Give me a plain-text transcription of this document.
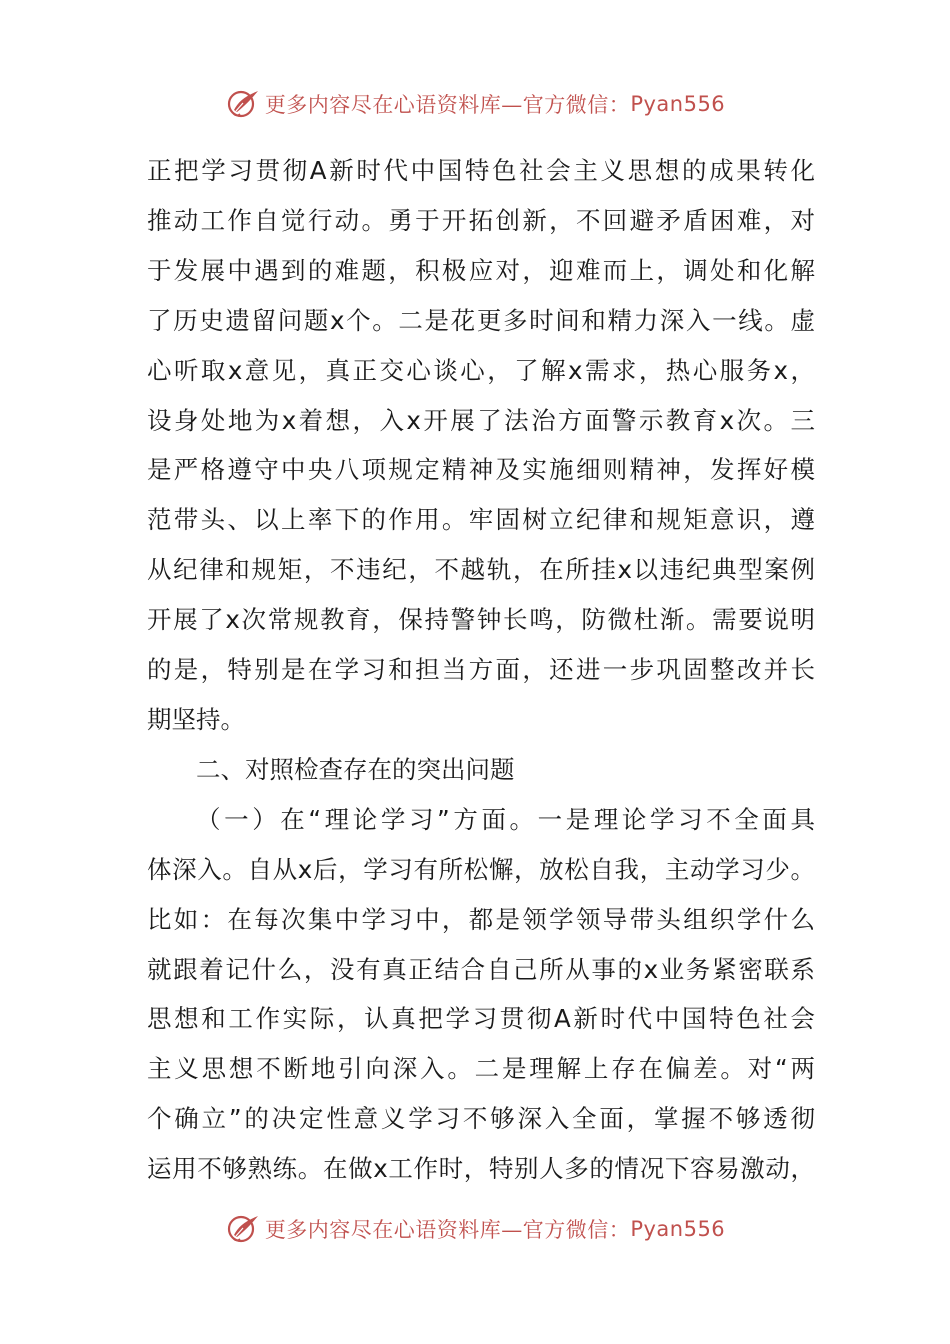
更多内容尽在心语资料库—官方微信： Pyan556
正把学习贯彻A新时代中国特色社会主义思想的成果转化
推动工作自觉行动。勇于开拓创新，不回避矛盾困难，对
于发展中遇到的难题，积极应对，迎难而上，调处和化解
了历史遗留问题x个。二是花更多时间和精力深入一线。虚
心听取x意见，真正交心谈心，了解x需求，热心服务x，
设身处地为x着想，入x开展了法治方面警示教育x次。三
是严格遵守中央八项规定精神及实施细则精神，发挥好模
范带头、以上率下的作用。牢固树立纪律和规矩意识，遵
从纪律和规矩，不违纪，不越轨，在所挂x以违纪典型案例
开展了x次常规教育，保持警钟长鸣，防微杜渐。需要说明
的是，特别是在学习和担当方面，还进一步巩固整改并长
期坚持。
二、对照检查存在的突出问题
（一）在“理论学习”方面。一是理论学习不全面具
体深入。自从x后，学习有所松懈，放松自我，主动学习少。
比如：在每次集中学习中，都是领学领导带头组织学什么
就跟着记什么，没有真正结合自己所从事的x业务紧密联系
思想和工作实际，认真把学习贯彻A新时代中国特色社会
主义思想不断地引向深入。二是理解上存在偏差。对“两
个确立”的决定性意义学习不够深入全面，掌握不够透彻
运用不够熟练。在做x工作时，特别人多的情况下容易激动，
更多内容尽在心语资料库—官方微信： Pyan556
